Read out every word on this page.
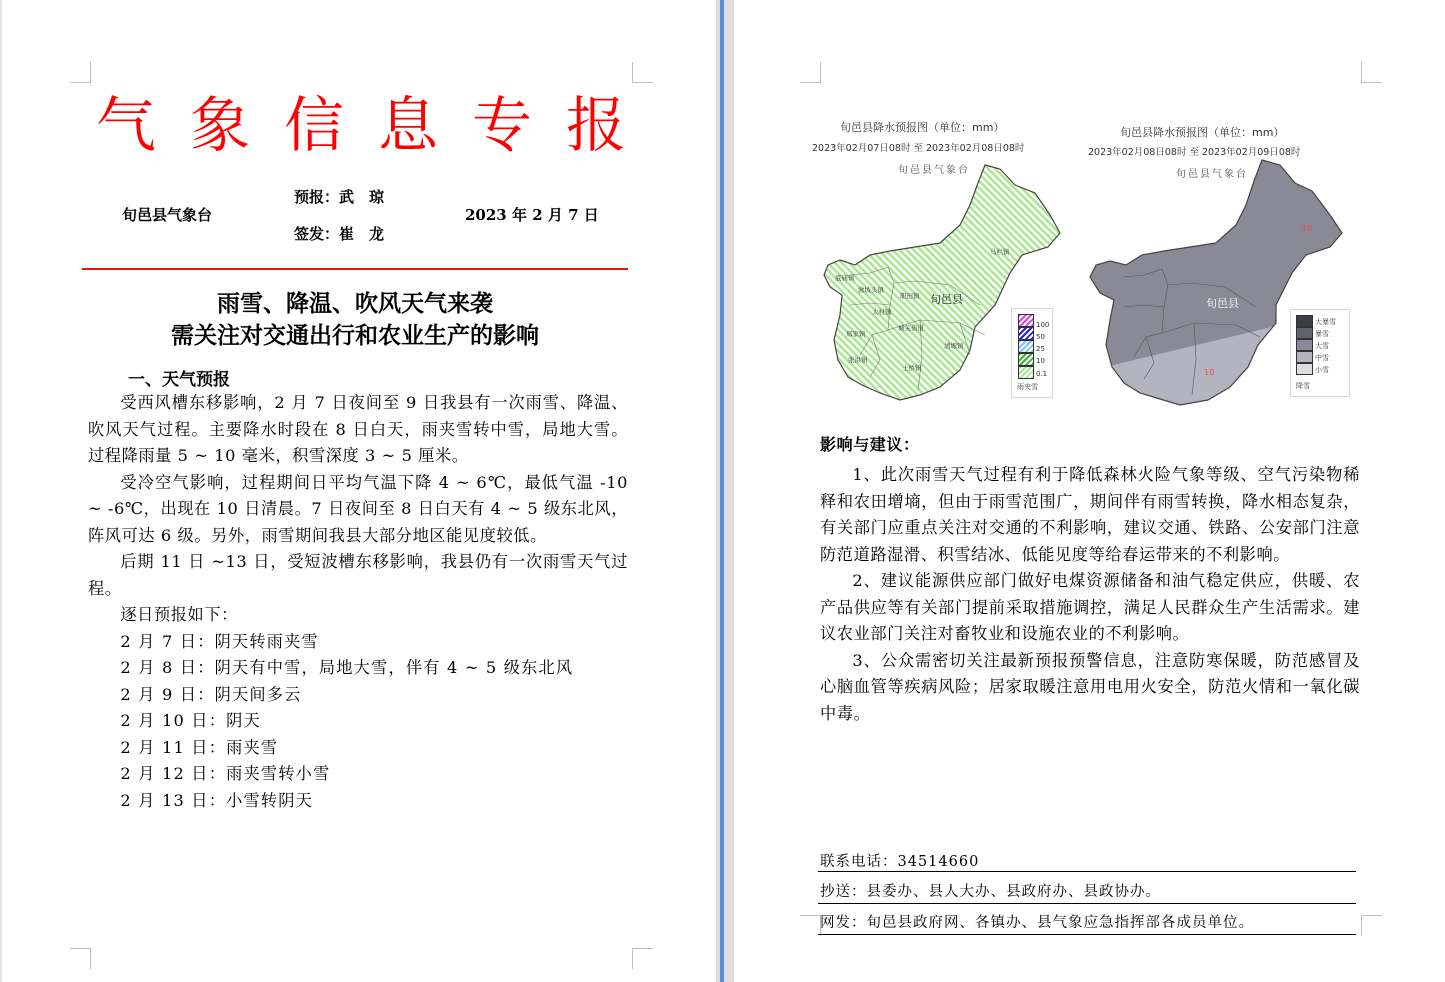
气 象 信 息 专 报
旬邑县气象台
预报：武　琼
签发：崔　龙
2023 年 2 月 7 日
雨雪、降温、吹风天气来袭
需关注对交通出行和农业生产的影响
一、天气预报

受西风槽东移影响，2 月 7 日夜间至 9 日我县有一次雨雪、降温、吹风天气过程。主要降水时段在 8 日白天，雨夹雪转中雪，局地大雪。过程降雨量 5 ~ 10 毫米，积雪深度 3 ~ 5 厘米。

受冷空气影响，过程期间日平均气温下降 4 ~ 6℃，最低气温 -10 ~ -6℃，出现在 10 日清晨。7 日夜间至 8 日白天有 4 ~ 5 级东北风，阵风可达 6 级。另外，雨雪期间我县大部分地区能见度较低。

后期 11 日 ~13 日，受短波槽东移影响，我县仍有一次雨雪天气过程。

逐日预报如下：

2 月 7 日：阴天转雨夹雪
2 月 8 日：阴天有中雪，局地大雪，伴有 4 ~ 5 级东北风
2 月 9 日：阴天间多云
2 月 10 日：阴天
2 月 11 日：雨夹雪
2 月 12 日：雨夹雪转小雪
2 月 13 日：小雪转阴天
旬邑县降水预报图（单位：mm）
2023年02月07日08时 至 2023年02月08日08时
旬邑县气象台
底庙镇
湫坡头镇
职田镇
马栏镇
太村镇
城关街道
郑家镇
清塬镇
张洪镇
土桥镇
旬邑县
100
50
25
10
0.1
雨夹雪
旬邑县降水预报图（单位：mm）
2023年02月08日08时 至 2023年02月09日08时
旬邑县气象台
旬邑县
10
10
大暴雪
暴雪
大雪
中雪
小雪
降雪
影响与建议：

1、此次雨雪天气过程有利于降低森林火险气象等级、空气污染物稀释和农田增墒，但由于雨雪范围广，期间伴有雨雪转换，降水相态复杂，有关部门应重点关注对交通的不利影响，建议交通、铁路、公安部门注意防范道路湿滑、积雪结冰、低能见度等给春运带来的不利影响。

2、建议能源供应部门做好电煤资源储备和油气稳定供应，供暖、农产品供应等有关部门提前采取措施调控，满足人民群众生产生活需求。建议农业部门关注对畜牧业和设施农业的不利影响。

3、公众需密切关注最新预报预警信息，注意防寒保暖，防范感冒及心脑血管等疾病风险；居家取暖注意用电用火安全，防范火情和一氧化碳中毒。

联系电话：34514660
抄送：县委办、县人大办、县政府办、县政协办。
网发：旬邑县政府网、各镇办、县气象应急指挥部各成员单位。
